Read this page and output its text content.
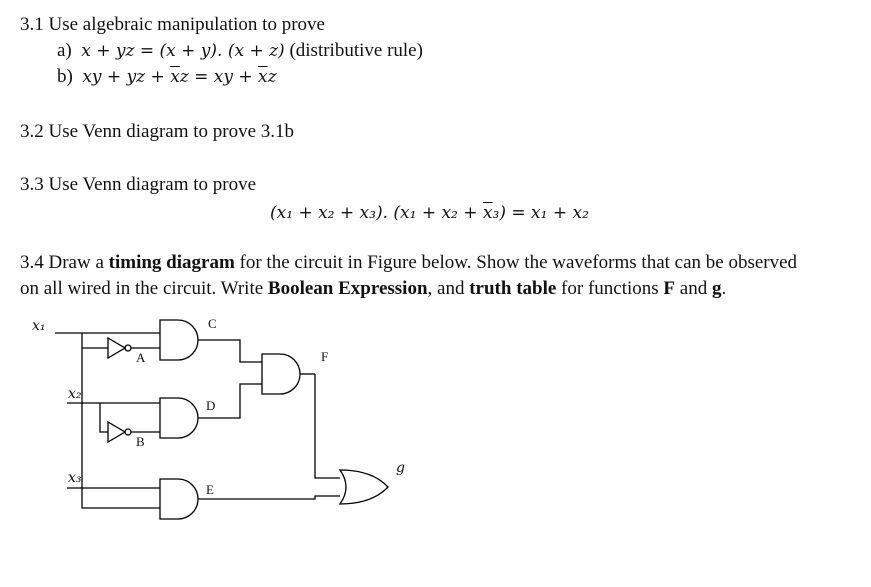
3.1 Use algebraic manipulation to prove
a) x + yz = (x + y). (x + z) (distributive rule)
b) xy + yz + $\overline{x}z$ = xy + $\overline{x}z$
3.2 Use Venn diagram to prove 3.1b
3.3 Use Venn diagram to prove
(x₁ + x₂ + x₃). $(x_1 + x_2 + \overline{x}_3) = x_1 + x_2$
3.4 Draw a timing diagram for the circuit in Figure below. Show the waveforms that can be observed
on all wired in the circuit. Write Boolean Expression, and truth table for functions F and g.
x₁
x₂
x₃
A
B
C
D
E
F
g
